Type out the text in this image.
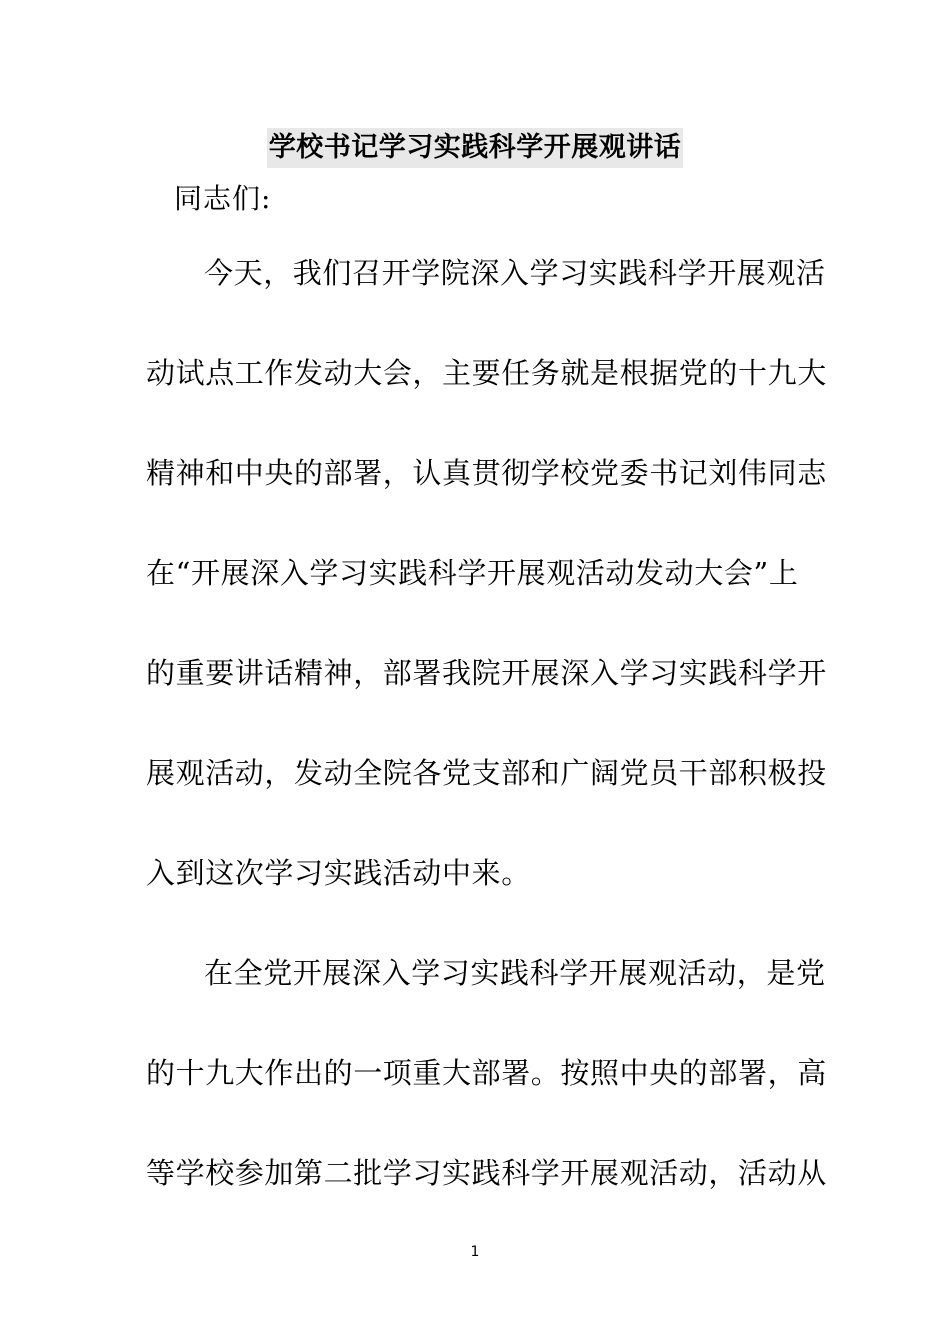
学校书记学习实践科学开展观讲话
同志们:
今天，我们召开学院深入学习实践科学开展观活
动试点工作发动大会，主要任务就是根据党的十九大
精神和中央的部署，认真贯彻学校党委书记刘伟同志
在“开展深入学习实践科学开展观活动发动大会”上
的重要讲话精神，部署我院开展深入学习实践科学开
展观活动，发动全院各党支部和广阔党员干部积极投
入到这次学习实践活动中来。
在全党开展深入学习实践科学开展观活动，是党
的十九大作出的一项重大部署。按照中央的部署，高
等学校参加第二批学习实践科学开展观活动，活动从
1
